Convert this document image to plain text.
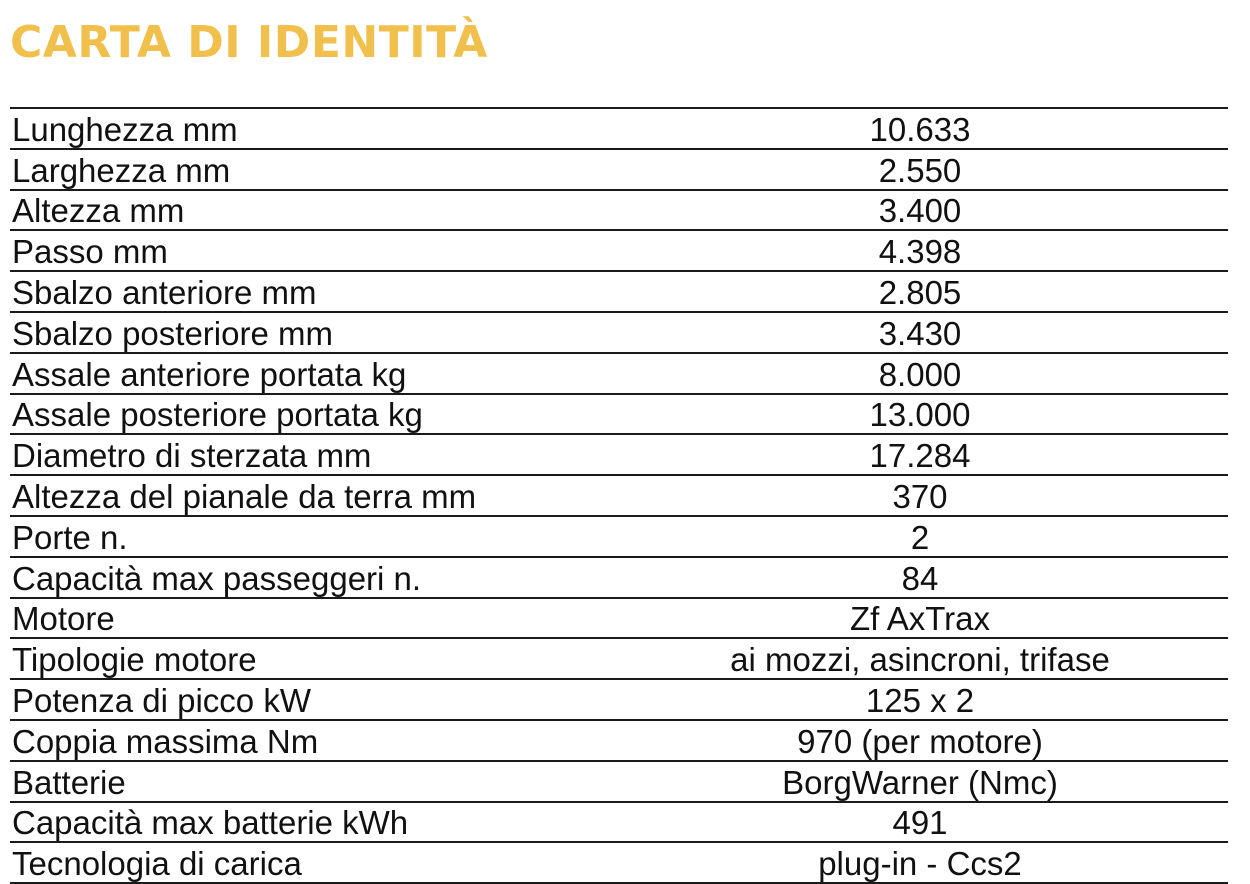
CARTA DI IDENTITÀ
Lunghezza mm	10.633
Larghezza mm	2.550
Altezza mm	3.400
Passo mm	4.398
Sbalzo anteriore mm	2.805
Sbalzo posteriore mm	3.430
Assale anteriore portata kg	8.000
Assale posteriore portata kg	13.000
Diametro di sterzata mm	17.284
Altezza del pianale da terra mm	370
Porte n.	2
Capacità max passeggeri n.	84
Motore	Zf AxTrax
Tipologie motore	ai mozzi, asincroni, trifase
Potenza di picco kW	125 x 2
Coppia massima Nm	970 (per motore)
Batterie	BorgWarner (Nmc)
Capacità max batterie kWh	491
Tecnologia di carica	plug-in - Ccs2
